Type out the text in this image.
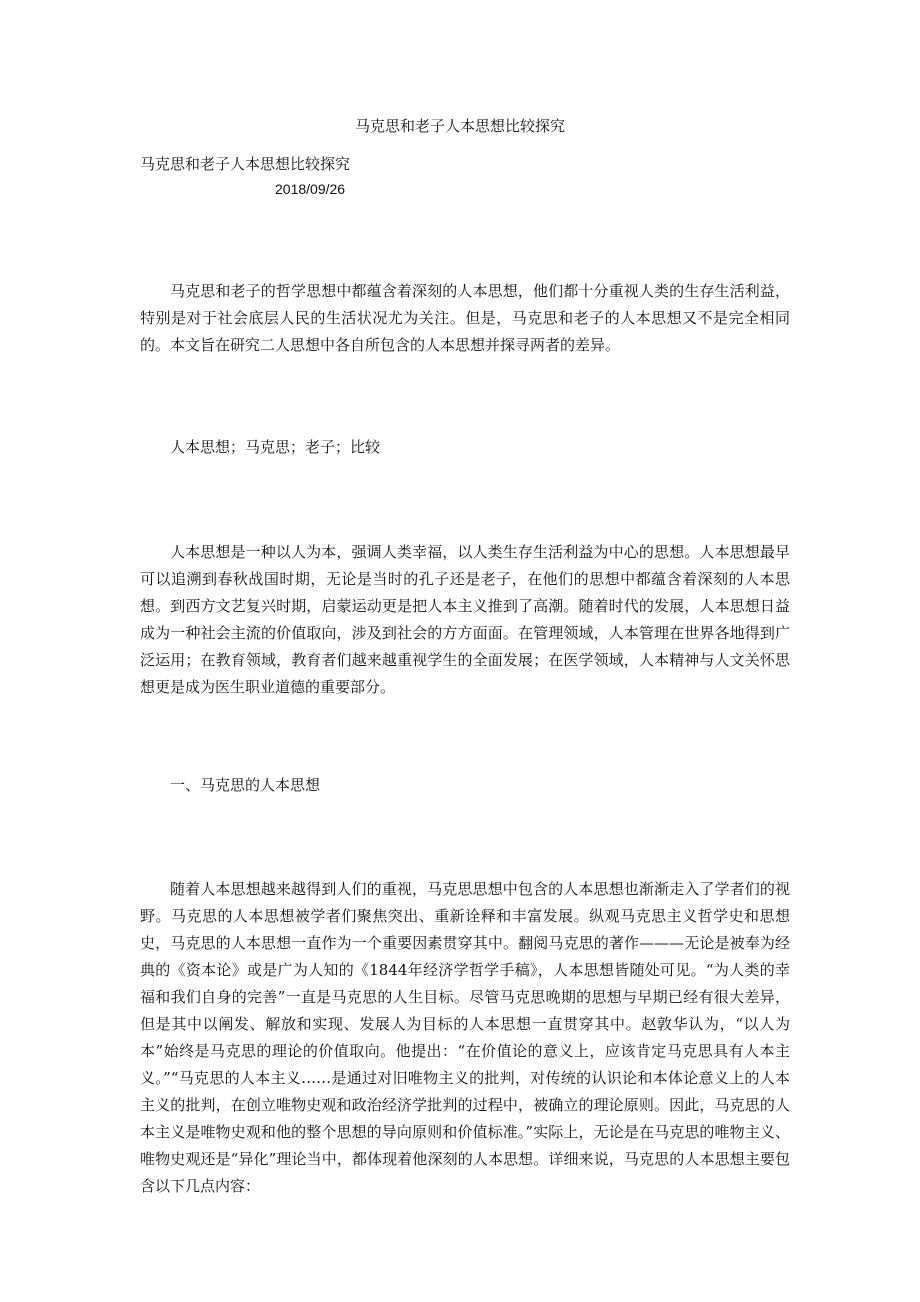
马克思和老子人本思想比较探究
马克思和老子人本思想比较探究
2018/09/26

马克思和老子的哲学思想中都蕴含着深刻的人本思想，他们都十分重视人类的生存生活利益，特别是对于社会底层人民的生活状况尤为关注。但是，马克思和老子的人本思想又不是完全相同的。本文旨在研究二人思想中各自所包含的人本思想并探寻两者的差异。

人本思想；马克思；老子；比较

人本思想是一种以人为本，强调人类幸福，以人类生存生活利益为中心的思想。人本思想最早可以追溯到春秋战国时期，无论是当时的孔子还是老子，在他们的思想中都蕴含着深刻的人本思想。到西方文艺复兴时期，启蒙运动更是把人本主义推到了高潮。随着时代的发展，人本思想日益成为一种社会主流的价值取向，涉及到社会的方方面面。在管理领域，人本管理在世界各地得到广泛运用；在教育领域，教育者们越来越重视学生的全面发展；在医学领域，人本精神与人文关怀思想更是成为医生职业道德的重要部分。

一、马克思的人本思想

随着人本思想越来越得到人们的重视，马克思思想中包含的人本思想也渐渐走入了学者们的视野。马克思的人本思想被学者们聚焦突出、重新诠释和丰富发展。纵观马克思主义哲学史和思想史，马克思的人本思想一直作为一个重要因素贯穿其中。翻阅马克思的著作———无论是被奉为经典的《资本论》或是广为人知的《1844年经济学哲学手稿》，人本思想皆随处可见。“为人类的幸福和我们自身的完善”一直是马克思的人生目标。尽管马克思晚期的思想与早期已经有很大差异，但是其中以阐发、解放和实现、发展人为目标的人本思想一直贯穿其中。赵敦华认为，“以人为本”始终是马克思的理论的价值取向。他提出：“在价值论的意义上，应该肯定马克思具有人本主义。”“马克思的人本主义……是通过对旧唯物主义的批判，对传统的认识论和本体论意义上的人本主义的批判，在创立唯物史观和政治经济学批判的过程中，被确立的理论原则。因此，马克思的人本主义是唯物史观和他的整个思想的导向原则和价值标准。”实际上，无论是在马克思的唯物主义、唯物史观还是“异化”理论当中，都体现着他深刻的人本思想。详细来说，马克思的人本思想主要包含以下几点内容：
